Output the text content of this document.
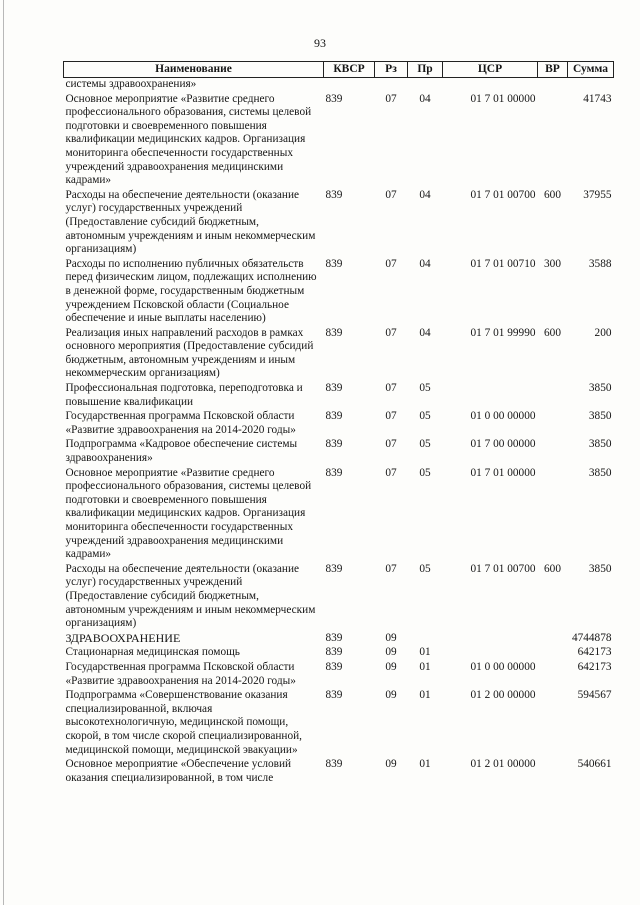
93
Наименование	КВСР	Рз	Пр	ЦСР	ВР	Сумма
системы здравоохранения»						
Основное мероприятие «Развитие среднего профессионального образования, системы целевой подготовки и своевременного повышения квалификации медицинских кадров. Организация мониторинга обеспеченности государственных учреждений здравоохранения медицинскими кадрами»	839	07	04	01 7 01 00000		41743
Расходы на обеспечение деятельности (оказание услуг) государственных учреждений (Предоставление субсидий бюджетным, автономным учреждениям и иным некоммерческим организациям)	839	07	04	01 7 01 00700	600	37955
Расходы по исполнению публичных обязательств перед физическим лицом, подлежащих исполнению в денежной форме, государственным бюджетным учреждением Псковской области (Социальное обеспечение и иные выплаты населению)	839	07	04	01 7 01 00710	300	3588
Реализация иных направлений расходов в рамках основного мероприятия (Предоставление субсидий бюджетным, автономным учреждениям и иным некоммерческим организациям)	839	07	04	01 7 01 99990	600	200
Профессиональная подготовка, переподготовка и повышение квалификации	839	07	05			3850
Государственная программа Псковской области «Развитие здравоохранения на 2014-2020 годы»	839	07	05	01 0 00 00000		3850
Подпрограмма «Кадровое обеспечение системы здравоохранения»	839	07	05	01 7 00 00000		3850
Основное мероприятие «Развитие среднего профессионального образования, системы целевой подготовки и своевременного повышения квалификации медицинских кадров. Организация мониторинга обеспеченности государственных учреждений здравоохранения медицинскими кадрами»	839	07	05	01 7 01 00000		3850
Расходы на обеспечение деятельности (оказание услуг) государственных учреждений (Предоставление субсидий бюджетным, автономным учреждениям и иным некоммерческим организациям)	839	07	05	01 7 01 00700	600	3850
ЗДРАВООХРАНЕНИЕ	839	09				4744878
Стационарная медицинская помощь	839	09	01			642173
Государственная программа Псковской области «Развитие здравоохранения на 2014-2020 годы»	839	09	01	01 0 00 00000		642173
Подпрограмма «Совершенствование оказания специализированной, включая высокотехнологичную, медицинской помощи, скорой, в том числе скорой специализированной, медицинской помощи, медицинской эвакуации»	839	09	01	01 2 00 00000		594567
Основное мероприятие «Обеспечение условий оказания специализированной, в том числе	839	09	01	01 2 01 00000		540661
